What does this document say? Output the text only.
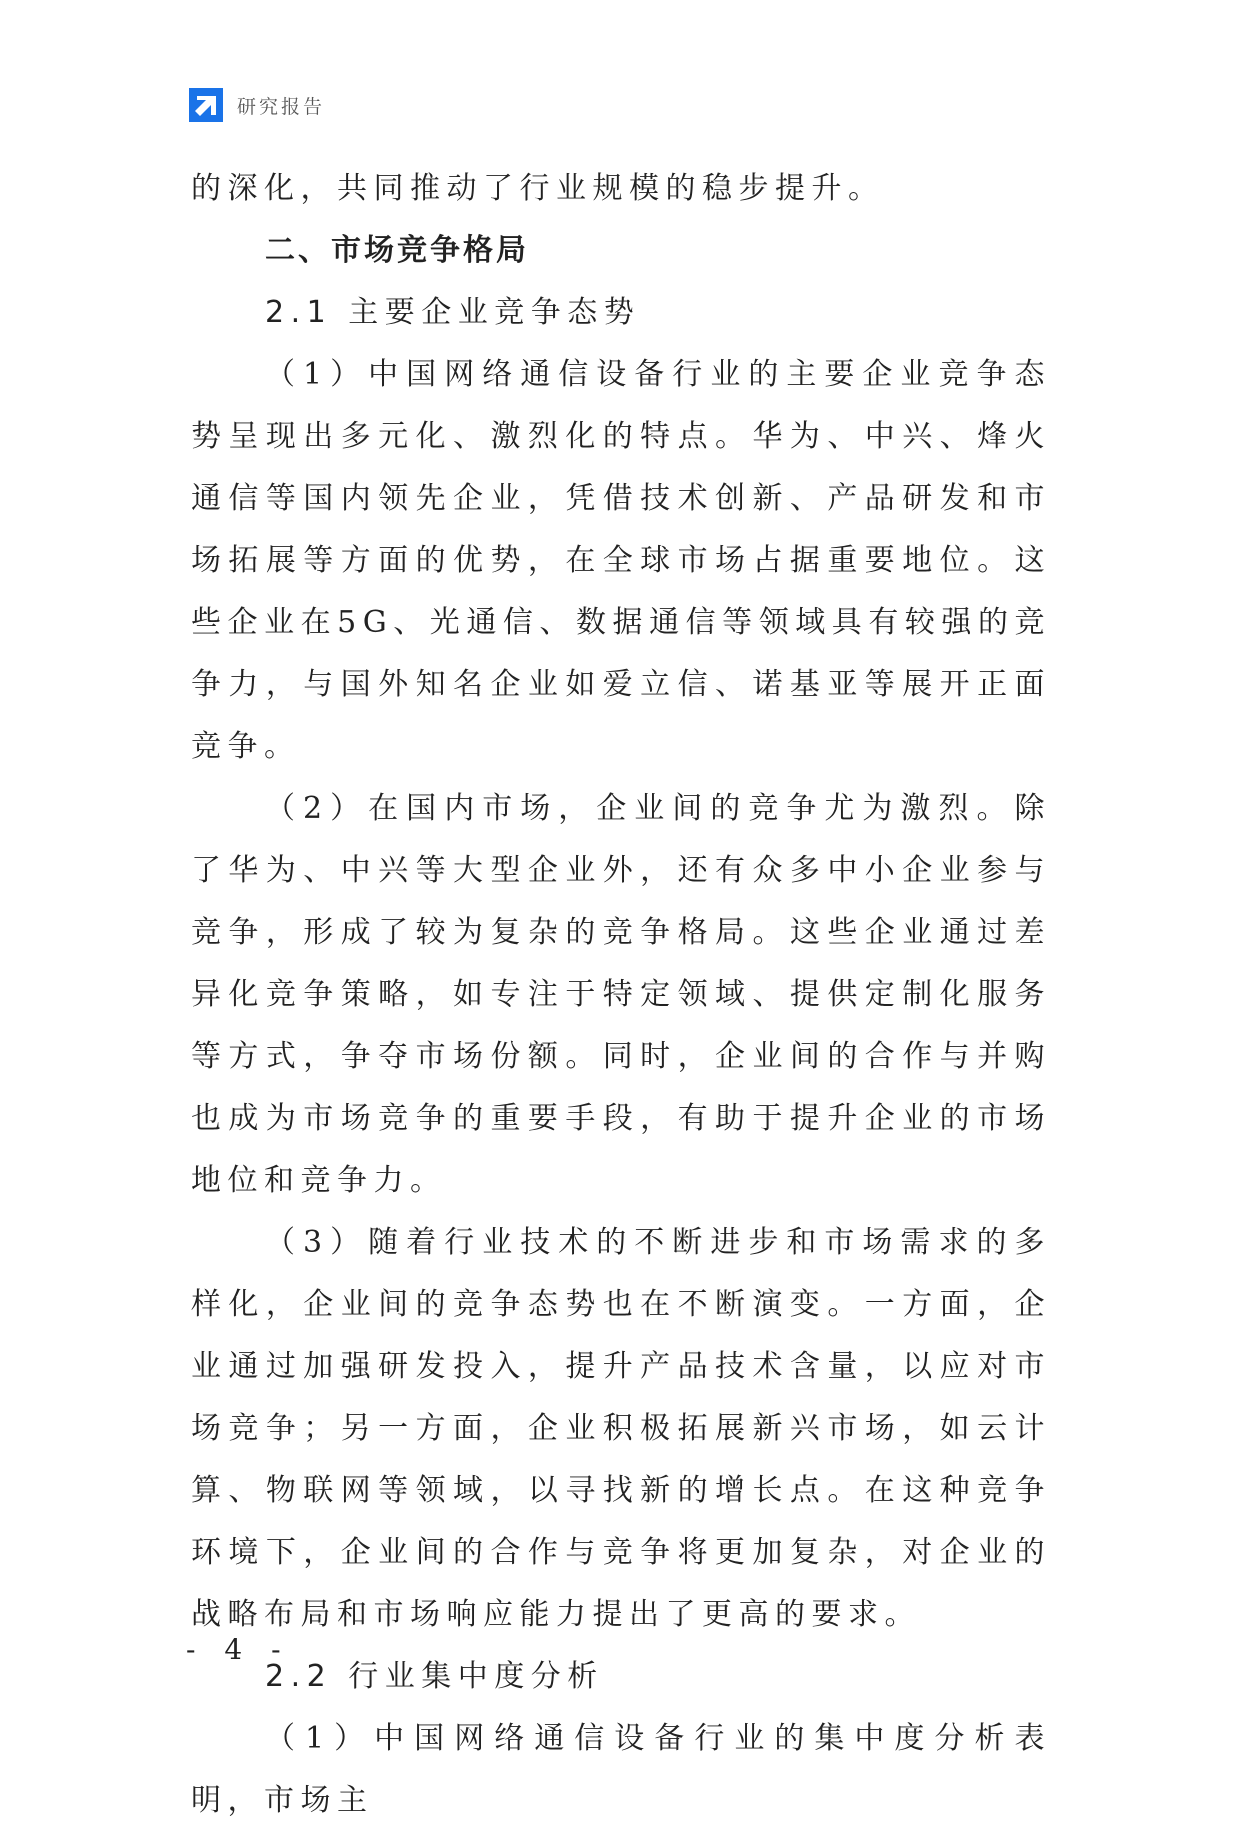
研究报告

的深化，共同推动了行业规模的稳步提升。

二、市场竞争格局

2.1 主要企业竞争态势

（1）中国网络通信设备行业的主要企业竞争态势呈现出多元化、激烈化的特点。华为、中兴、烽火通信等国内领先企业，凭借技术创新、产品研发和市场拓展等方面的优势，在全球市场占据重要地位。这些企业在5G、光通信、数据通信等领域具有较强的竞争力，与国外知名企业如爱立信、诺基亚等展开正面竞争。

（2）在国内市场，企业间的竞争尤为激烈。除了华为、中兴等大型企业外，还有众多中小企业参与竞争，形成了较为复杂的竞争格局。这些企业通过差异化竞争策略，如专注于特定领域、提供定制化服务等方式，争夺市场份额。同时，企业间的合作与并购也成为市场竞争的重要手段，有助于提升企业的市场地位和竞争力。

（3）随着行业技术的不断进步和市场需求的多样化，企业间的竞争态势也在不断演变。一方面，企业通过加强研发投入，提升产品技术含量，以应对市场竞争；另一方面，企业积极拓展新兴市场，如云计算、物联网等领域，以寻找新的增长点。在这种竞争环境下，企业间的合作与竞争将更加复杂，对企业的战略布局和市场响应能力提出了更高的要求。

2.2 行业集中度分析

（1）中国网络通信设备行业的集中度分析表明，市场主

- 4 -
